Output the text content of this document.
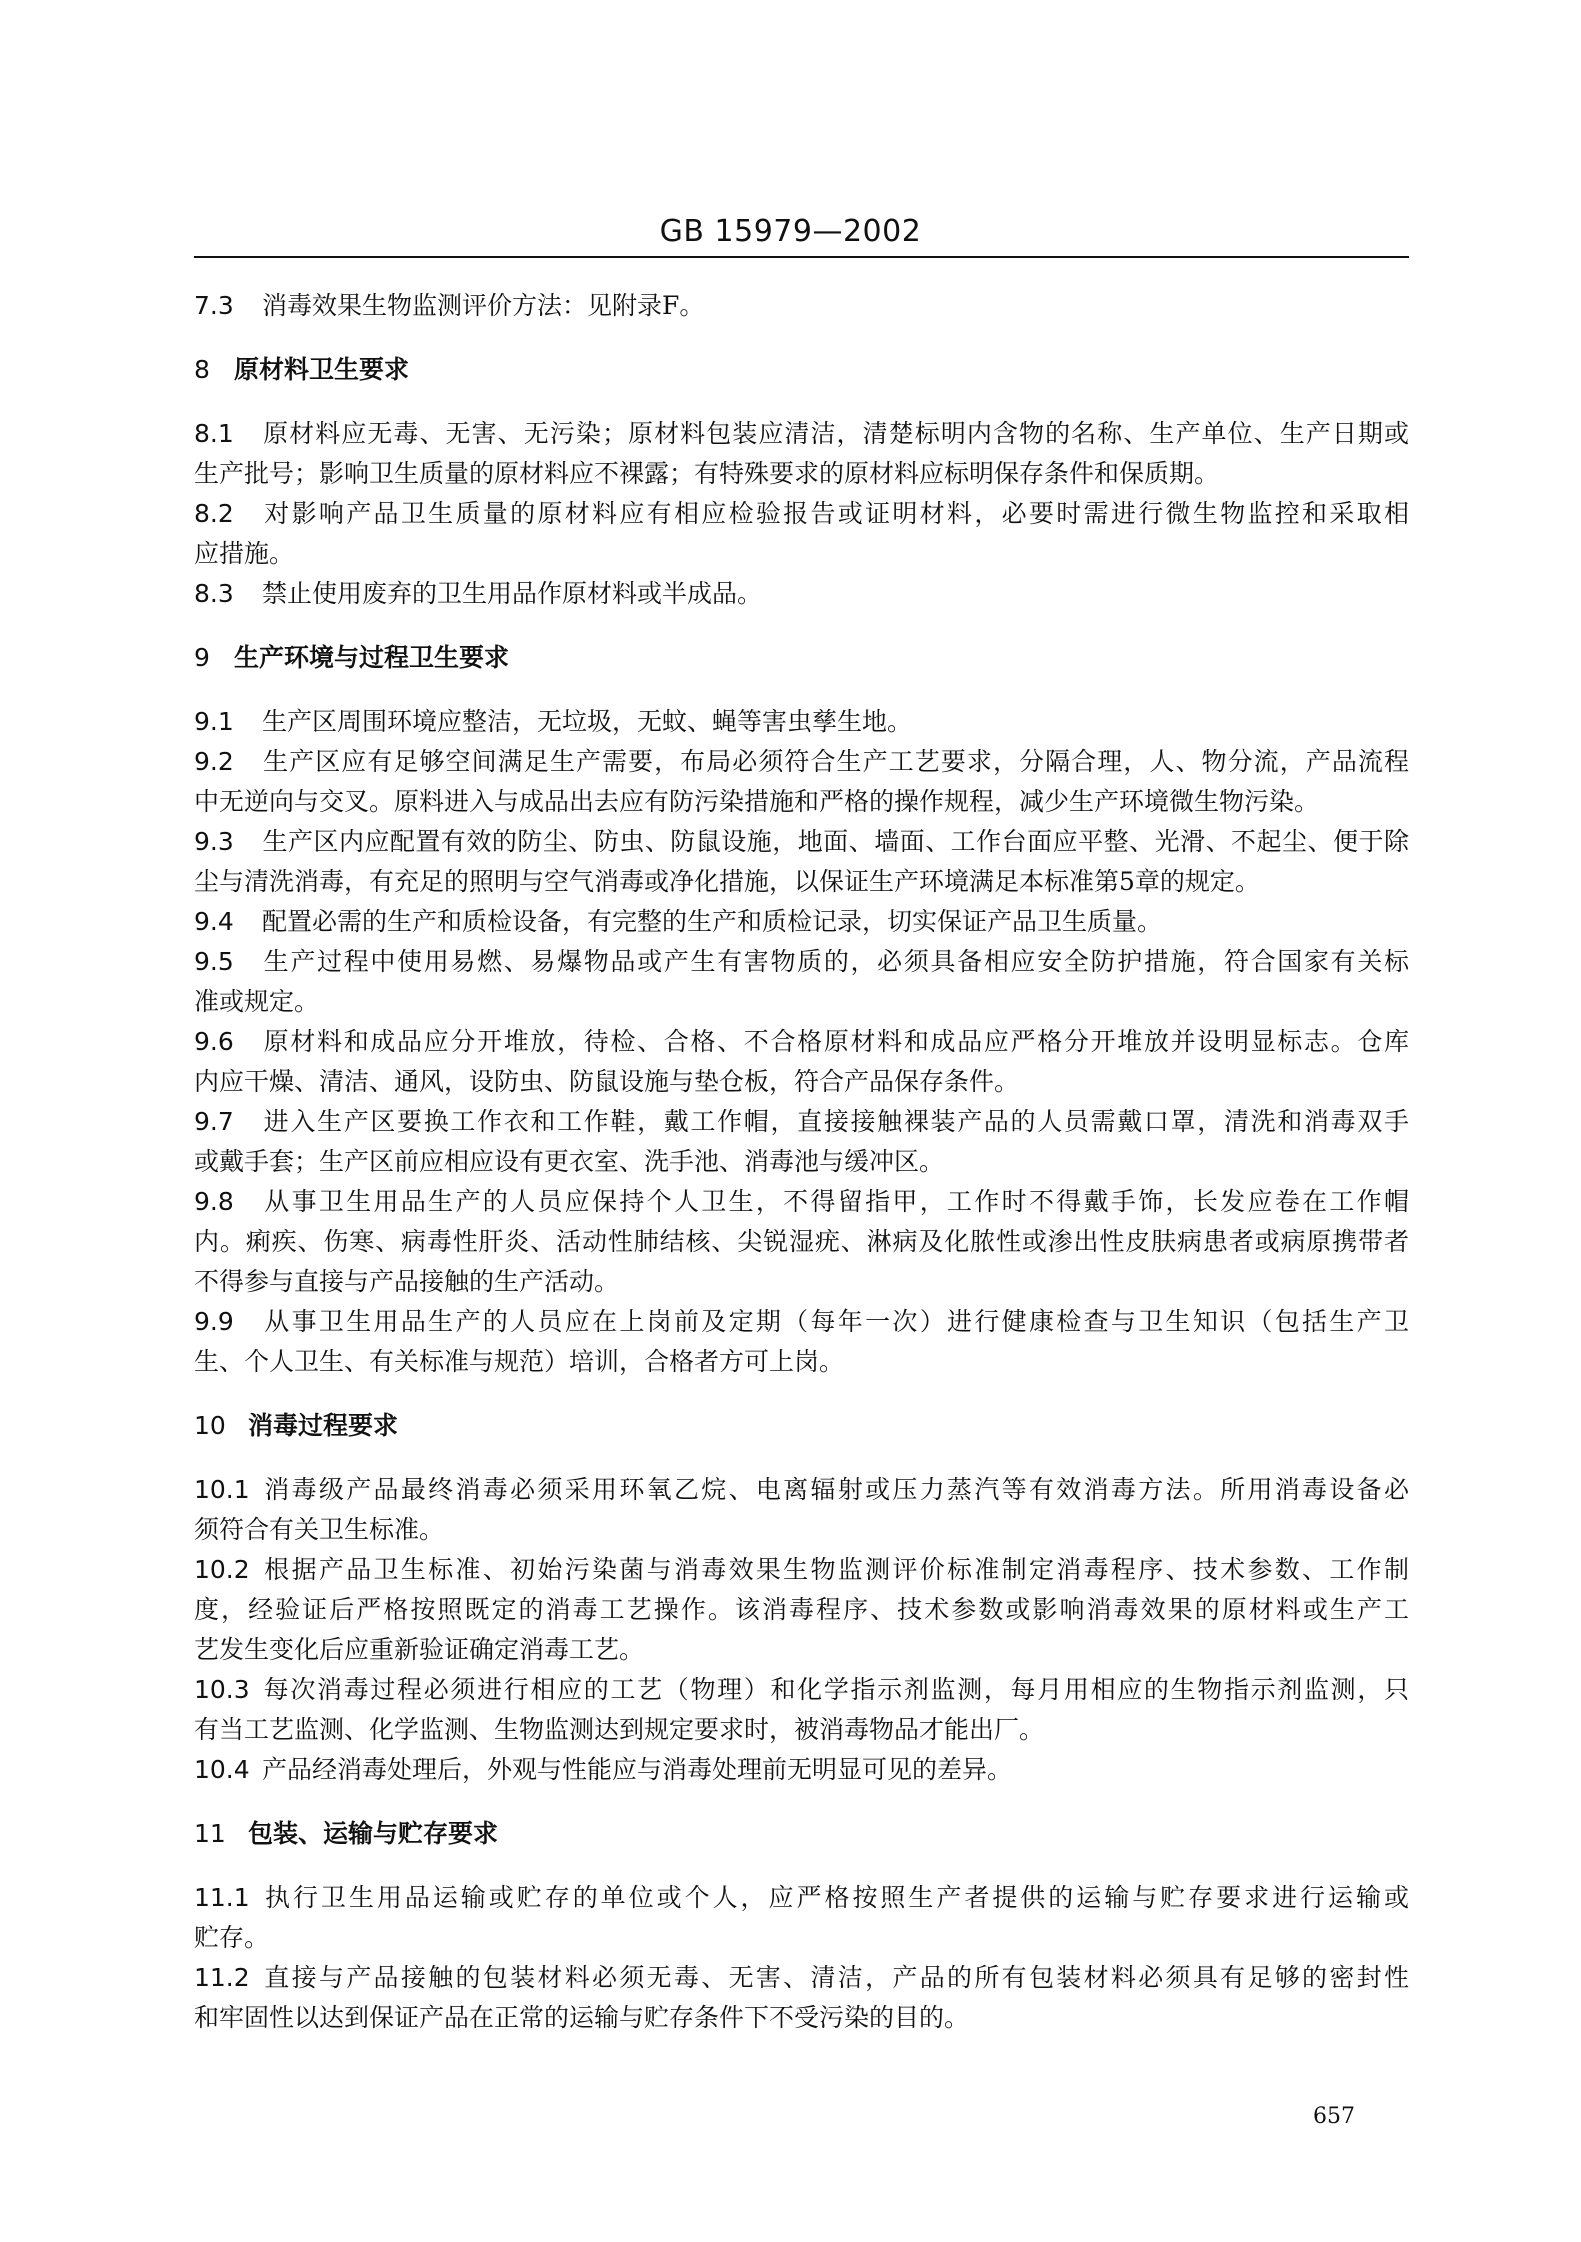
GB 15979—2002
7.3 消毒效果生物监测评价方法：见附录F。
8 原材料卫生要求
8.1 原材料应无毒、无害、无污染；原材料包装应清洁，清楚标明内含物的名称、生产单位、生产日期或
生产批号；影响卫生质量的原材料应不裸露；有特殊要求的原材料应标明保存条件和保质期。
8.2 对影响产品卫生质量的原材料应有相应检验报告或证明材料，必要时需进行微生物监控和采取相
应措施。
8.3 禁止使用废弃的卫生用品作原材料或半成品。
9 生产环境与过程卫生要求
9.1 生产区周围环境应整洁，无垃圾，无蚊、蝇等害虫孳生地。
9.2 生产区应有足够空间满足生产需要，布局必须符合生产工艺要求，分隔合理，人、物分流，产品流程
中无逆向与交叉。原料进入与成品出去应有防污染措施和严格的操作规程，减少生产环境微生物污染。
9.3 生产区内应配置有效的防尘、防虫、防鼠设施，地面、墙面、工作台面应平整、光滑、不起尘、便于除
尘与清洗消毒，有充足的照明与空气消毒或净化措施，以保证生产环境满足本标准第5章的规定。
9.4 配置必需的生产和质检设备，有完整的生产和质检记录，切实保证产品卫生质量。
9.5 生产过程中使用易燃、易爆物品或产生有害物质的，必须具备相应安全防护措施，符合国家有关标
准或规定。
9.6 原材料和成品应分开堆放，待检、合格、不合格原材料和成品应严格分开堆放并设明显标志。仓库
内应干燥、清洁、通风，设防虫、防鼠设施与垫仓板，符合产品保存条件。
9.7 进入生产区要换工作衣和工作鞋，戴工作帽，直接接触裸装产品的人员需戴口罩，清洗和消毒双手
或戴手套；生产区前应相应设有更衣室、洗手池、消毒池与缓冲区。
9.8 从事卫生用品生产的人员应保持个人卫生，不得留指甲，工作时不得戴手饰，长发应卷在工作帽
内。痢疾、伤寒、病毒性肝炎、活动性肺结核、尖锐湿疣、淋病及化脓性或渗出性皮肤病患者或病原携带者
不得参与直接与产品接触的生产活动。
9.9 从事卫生用品生产的人员应在上岗前及定期（每年一次）进行健康检查与卫生知识（包括生产卫
生、个人卫生、有关标准与规范）培训，合格者方可上岗。
10 消毒过程要求
10.1 消毒级产品最终消毒必须采用环氧乙烷、电离辐射或压力蒸汽等有效消毒方法。所用消毒设备必
须符合有关卫生标准。
10.2 根据产品卫生标准、初始污染菌与消毒效果生物监测评价标准制定消毒程序、技术参数、工作制
度，经验证后严格按照既定的消毒工艺操作。该消毒程序、技术参数或影响消毒效果的原材料或生产工
艺发生变化后应重新验证确定消毒工艺。
10.3 每次消毒过程必须进行相应的工艺（物理）和化学指示剂监测，每月用相应的生物指示剂监测，只
有当工艺监测、化学监测、生物监测达到规定要求时，被消毒物品才能出厂。
10.4 产品经消毒处理后，外观与性能应与消毒处理前无明显可见的差异。
11 包装、运输与贮存要求
11.1 执行卫生用品运输或贮存的单位或个人，应严格按照生产者提供的运输与贮存要求进行运输或
贮存。
11.2 直接与产品接触的包装材料必须无毒、无害、清洁，产品的所有包装材料必须具有足够的密封性
和牢固性以达到保证产品在正常的运输与贮存条件下不受污染的目的。
657
